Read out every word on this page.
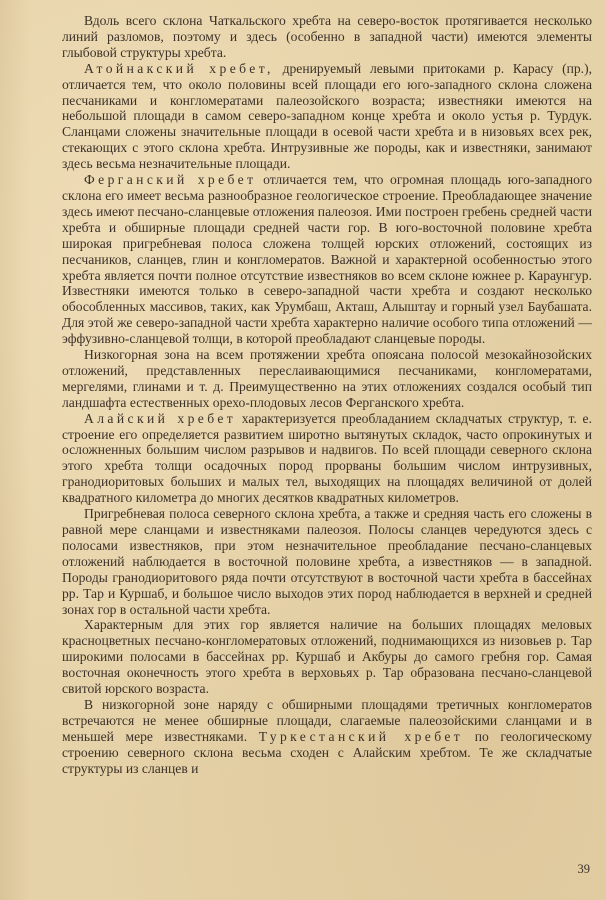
Вдоль всего склона Чаткальского хребта на северо-восток протягивается несколько линий разломов, поэтому и здесь (особенно в западной части) имеются элементы глыбовой структуры хребта.

Атойнакский хребет, дренируемый левыми притоками р. Карасу (пр.), отличается тем, что около половины всей площади его юго-западного склона сложена песчаниками и конгломератами палеозойского возраста; известняки имеются на небольшой площади в самом северо-западном конце хребта и около устья р. Турдук. Сланцами сложены значительные площади в осевой части хребта и в низовьях всех рек, стекающих с этого склона хребта. Интрузивные же породы, как и известняки, занимают здесь весьма незначительные площади.

Ферганский хребет отличается тем, что огромная площадь юго-западного склона его имеет весьма разнообразное геологическое строение. Преобладающее значение здесь имеют песчано-сланцевые отложения палеозоя. Ими построен гребень средней части хребта и обширные площади средней части гор. В юго-восточной половине хребта широкая пригребневая полоса сложена толщей юрских отложений, состоящих из песчаников, сланцев, глин и конгломератов. Важной и характерной особенностью этого хребта является почти полное отсутствие известняков во всем склоне южнее р. Караунгур. Известняки имеются только в северо-западной части хребта и создают несколько обособленных массивов, таких, как Урумбаш, Акташ, Алыштау и горный узел Баубашата. Для этой же северо-западной части хребта характерно наличие особого типа отложений — эффузивно-сланцевой толщи, в которой преобладают сланцевые породы.

Низкогорная зона на всем протяжении хребта опоясана полосой мезокайнозойских отложений, представленных переслаивающимися песчаниками, конгломератами, мергелями, глинами и т. д. Преимущественно на этих отложениях создался особый тип ландшафта естественных орехо-плодовых лесов Ферганского хребта.

Алайский хребет характеризуется преобладанием складчатых структур, т. е. строение его определяется развитием широтно вытянутых складок, часто опрокинутых и осложненных большим числом разрывов и надвигов. По всей площади северного склона этого хребта толщи осадочных пород прорваны большим числом интрузивных, гранодиоритовых больших и малых тел, выходящих на площадях величиной от долей квадратного километра до многих десятков квадратных километров.

Пригребневая полоса северного склона хребта, а также и средняя часть его сложены в равной мере сланцами и известняками палеозоя. Полосы сланцев чередуются здесь с полосами известняков, при этом незначительное преобладание песчано-сланцевых отложений наблюдается в восточной половине хребта, а известняков — в западной. Породы гранодиоритового ряда почти отсутствуют в восточной части хребта в бассейнах рр. Тар и Куршаб, и большое число выходов этих пород наблюдается в верхней и средней зонах гор в остальной части хребта.

Характерным для этих гор является наличие на больших площадях меловых красноцветных песчано-конгломератовых отложений, поднимающихся из низовьев р. Тар широкими полосами в бассейнах рр. Куршаб и Акбуры до самого гребня гор. Самая восточная оконечность этого хребта в верховьях р. Тар образована песчано-сланцевой свитой юрского возраста.

В низкогорной зоне наряду с обширными площадями третичных конгломератов встречаются не менее обширные площади, слагаемые палеозойскими сланцами и в меньшей мере известняками. Туркестанский хребет по геологическому строению северного склона весьма сходен с Алайским хребтом. Те же складчатые структуры из сланцев и

39
